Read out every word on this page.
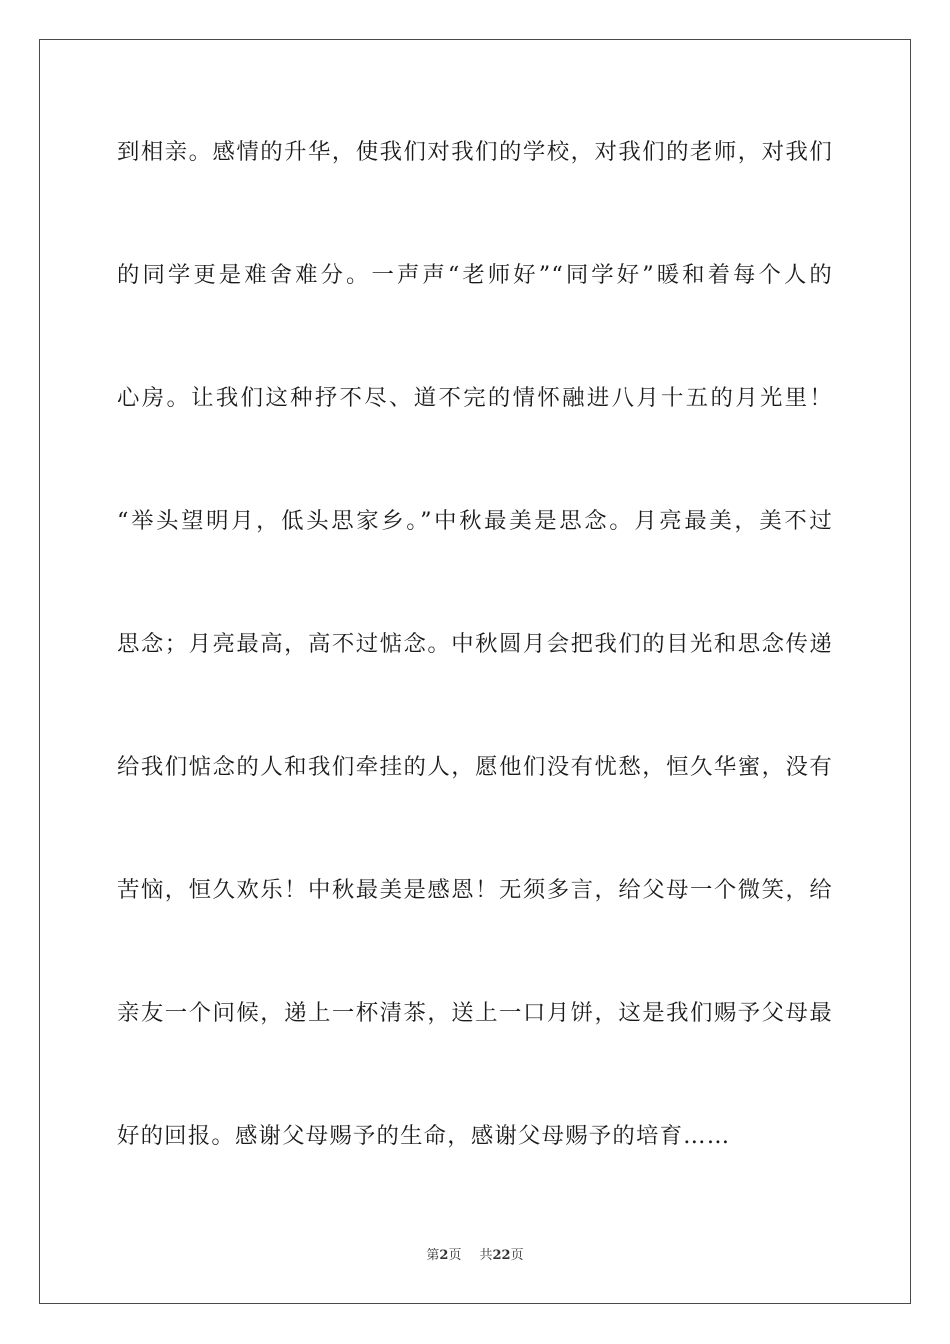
到相亲。感情的升华，使我们对我们的学校，对我们的老师，对我们
的同学更是难舍难分。一声声“老师好”“同学好”暖和着每个人的
心房。让我们这种抒不尽、道不完的情怀融进八月十五的月光里！
“举头望明月，低头思家乡。”中秋最美是思念。月亮最美，美不过
思念；月亮最高，高不过惦念。中秋圆月会把我们的目光和思念传递
给我们惦念的人和我们牵挂的人，愿他们没有忧愁，恒久华蜜，没有
苦恼，恒久欢乐！中秋最美是感恩！无须多言，给父母一个微笑，给
亲友一个问候，递上一杯清茶，送上一口月饼，这是我们赐予父母最
好的回报。感谢父母赐予的生命，感谢父母赐予的培育……
第2页 共22页
